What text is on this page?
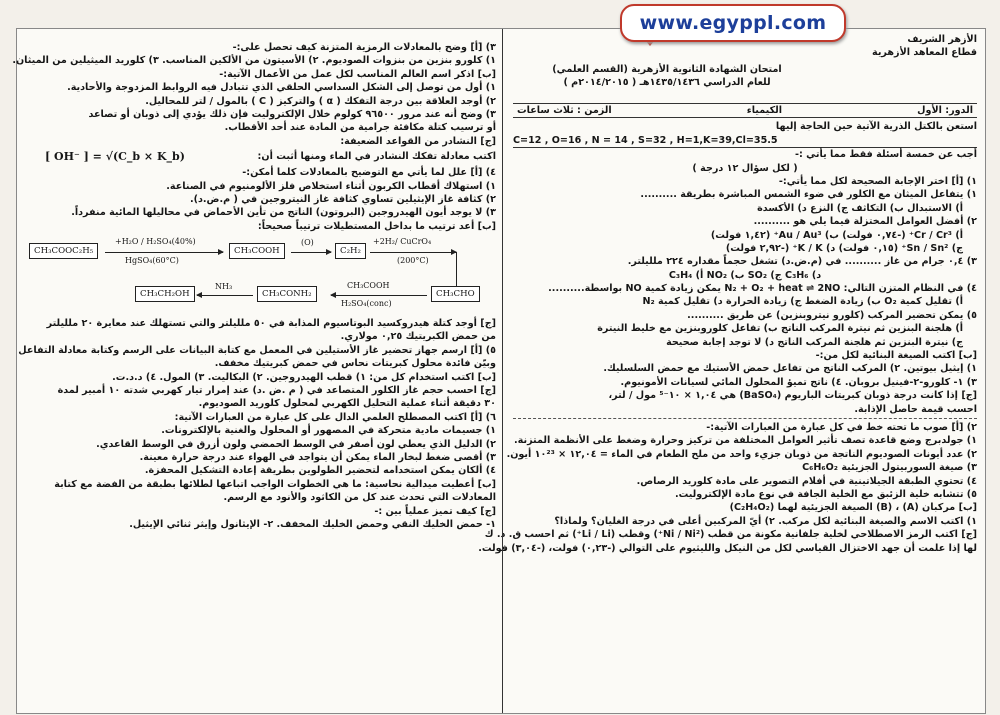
www.egyppl.com
الأزهر الشريف
قطاع المعاهد الأزهرية
امتحان الشهادة الثانوية الأزهرية (القسم العلمي)
للعام الدراسي ١٤٣٥/١٤٣٦هـ ( ٢٠١٤/٢٠١٥م )
الدور: الأول
الكيمياء
الزمن : ثلاث ساعات
استعن بالكتل الذرية الآتية حين الحاجة إليها
C=12 , O=16 , N = 14 , S=32 , H=1,K=39,Cl=35.5
أجب عن خمسة أسئلة فقط مما يأتي :-
( لكل سؤال ١٢ درجة )
١) [أ] اختر الإجابة الصحيحة لكل مما يأتي:-
١) يتفاعل الميثان مع الكلور في ضوء الشمس المباشرة بطريقة ..........
أ) الاستبدال ب) التكاثف ج) النزع د) الأكسدة
٢) أفضل العوامل المختزلة فيما يلي هو ..........
أ) Cr / Cr³⁺ (-٠,٧٤ فولت) ب) Au / Au³⁺ (١,٤٢ فولت)
ج) Sn / Sn²⁺ (٠,١٥ فولت) د) K / K⁺ (-٢,٩٢ فولت)
٣) ٠,٤ جرام من غاز .......... في (م.ض.د) تشغل حجماً مقداره ٢٢٤ ملليلتر.
C₃H₄ (أ NO₂ (ب SO₂ (ج C₃H₆ (د
٤) في النظام المتزن التالي: N₂ + O₂ + heat ⇌ 2NO يمكن زيادة كمية NO بواسطة..........
أ) تقليل كمية O₂ ب) زيادة الضغط ج) زيادة الحرارة د) تقليل كمية N₂
٥) يمكن تحضير المركب (كلورو نيتروبنزين) عن طريق ..........
أ) هلجنة البنزين ثم نيترة المركب الناتج ب) تفاعل كلوروبنزين مع خليط النيترة
ج) نيترة البنزين ثم هلجنة المركب الناتج د) لا توجد إجابة صحيحة
[ب] اكتب الصيغة البنائية لكل من:-
١) إيثيل بيوتين. ٢) المركب الناتج من تفاعل حمض الأستيك مع حمض السلسليك.
٣) ١- كلورو-٢-فينيل بروبان. ٤) ناتج تميؤ المحلول المائي لسيانات الأمونيوم.
[ج] إذا كانت درجة ذوبان كبريتات الباريوم (BaSO₄) هي ١,٠٤ × ١٠⁻⁵ مول / لتر،
احسب قيمة حاصل الإذابة.
٢) [أ] صوب ما تحته خط في كل عبارة من العبارات الآتية:-
١) جولدبرج وضع قاعدة تصف تأثير العوامل المختلفة من تركيز وحرارة وضغط على الأنظمة المتزنة.
٢) عدد أيونات الصوديوم الناتجة من ذوبان جزيء واحد من ملح الطعام في الماء = ١٢,٠٤ × ١٠²³ أيون.
٣) صيغة السوربيتول الجزيئية C₆H₆O₂
٤) تحتوي الطبقة الجيلاتينية في أفلام التصوير على مادة كلوريد الرصاص.
٥) تتشابه خلية الزئبق مع الخلية الجافة في نوع مادة الإلكتروليت.
[ب] مركبان (A) ، (B) الصيغة الجزيئية لهما (C₂H₄O₂)
١) اكتب الاسم والصيغة البنائية لكل مركب. ٢) أيّ المركبين أعلى في درجة الغليان؟ ولماذا؟
[ج] اكتب الرمز الاصطلاحي لخلية جلفانية مكونة من قطب (Ni / Ni²⁺) وقطب (Li / Li⁺) ثم احسب ق. د. ك
لها إذا علمت أن جهد الاختزال القياسي لكل من النيكل والليثيوم على التوالي (-٠,٢٣) فولت، (-٣,٠٤) فولت.
٣) [أ] وضح بالمعادلات الرمزية المتزنة كيف تحصل على:-
١) كلورو بنزين من بنزوات الصوديوم. ٢) الأسيتون من الألكين المناسب. ٣) كلوريد الميثيلين من الميثان.
[ب] اذكر اسم العالم المناسب لكل عمل من الأعمال الآتية:-
١) أول من توصل إلى الشكل السداسي الحلقي الذي تتبادل فيه الروابط المزدوجة والأحادية.
٢) أوجد العلاقة بين درجة التفكك ( α ) والتركيز ( C ) بالمول / لتر للمحاليل.
٣) وضح أنه عند مرور ٩٦٥٠٠ كولوم خلال الإلكتروليت فإن ذلك يؤدي إلى ذوبان أو تصاعد
أو ترسيب كتلة مكافئة جرامية من المادة عند أحد الأقطاب.
[ج] النشادر من القواعد الضعيفة:
اكتب معادلة تفكك النشادر في الماء ومنها أثبت أن:
[ OH⁻ ] = √(C_b × K_b)
٤) [أ] علل لما يأتي مع التوضيح بالمعادلات كلما أمكن:-
١) استهلاك أقطاب الكربون أثناء استخلاص فلز الألومنيوم في الصناعة.
٢) كثافة غاز الإيثيلين تساوي كثافة غاز النيتروجين في ( م.ض.د).
٣) لا يوجد أيون الهيدروجين (البروتون) الناتج من تأين الأحماض في محاليلها المائية منفرداً.
[ب] أعد ترتيب ما بداخل المستطيلات ترتيباً صحيحاً:
CH₃COOC₂H₅
+H₂O / H₂SO₄(40%)
HgSO₄(60°C)
CH₃COOH
(O)
C₂H₂
+2H₂/ CuCrO₄
(200°C)
CH₃CHO
CH₃COOH
H₂SO₄(conc)
CH₃CONH₂
NH₃
CH₃CH₂OH
[ج] أوجد كتلة هيدروكسيد البوتاسيوم المذابة في ٥٠ ملليلتر والتي تستهلك عند معايرة ٢٠ ملليلتر
من حمض الكبريتيك ٠,٢٥ مولاري.
٥) [أ] ارسم جهاز تحضير غاز الأستيلين في المعمل مع كتابة البيانات على الرسم وكتابة معادلة التفاعل
وبيّن فائدة محلول كبريتات نحاس في حمض كبريتيك مخفف.
[ب] اكتب استخدام كل من: ١) قطب الهيدروجين. ٢) البكاليت. ٣) المول. ٤) د.د.ت.
[ج] احسب حجم غاز الكلور المتصاعد في ( م .ض .د) عند إمرار تيار كهربي شدته ١٠ أمبير لمدة
٣٠ دقيقة أثناء عملية التحليل الكهربي لمحلول كلوريد الصوديوم.
٦) [أ] اكتب المصطلح العلمي الدال على كل عبارة من العبارات الآتية:
١) جسيمات مادية متحركة في المصهور أو المحلول والغنية بالإلكترونات.
٢) الدليل الذي يعطي لون أصفر في الوسط الحمضي ولون أزرق في الوسط القاعدي.
٣) أقصى ضغط لبخار الماء يمكن أن يتواجد في الهواء عند درجة حرارة معينة.
٤) ألكان يمكن استخدامه لتحضير الطولوين بطريقة إعادة التشكيل المحفزة.
[ب] أعطيت ميدالية نحاسية: ما هي الخطوات الواجب اتباعها لطلائها بطبقة من الفضة مع كتابة
المعادلات التي تحدث عند كل من الكاثود والأنود مع الرسم.
[ج] كيف تميز عملياً بين :-
١- حمض الخليك النقي وحمض الخليك المخفف. ٢- الإيثانول وإيثر ثنائي الإيثيل.
